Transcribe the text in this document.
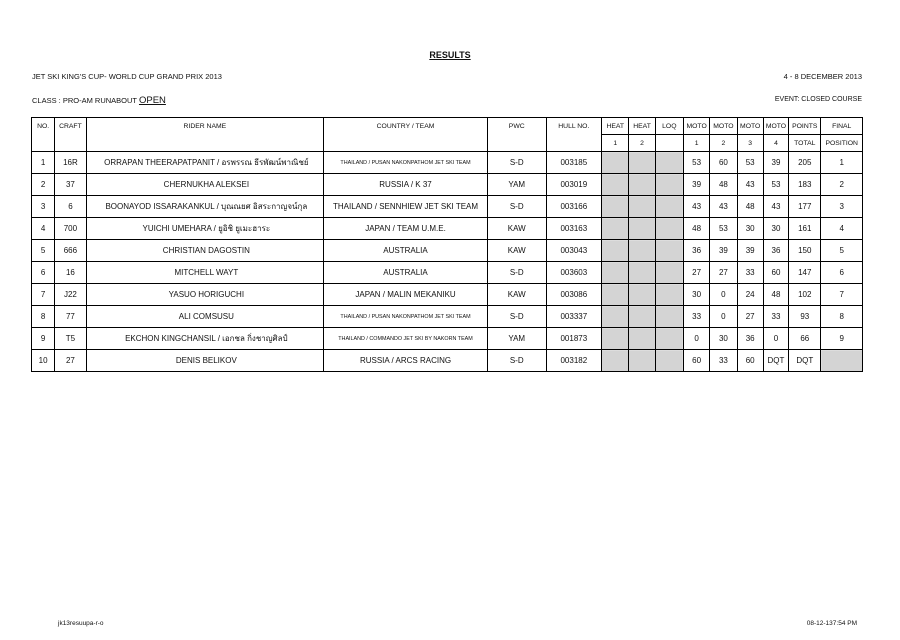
RESULTS
JET SKI KING'S CUP- WORLD CUP GRAND PRIX 2013	4 - 8 DECEMBER 2013
CLASS : PRO-AM RUNABOUT OPEN	EVENT: CLOSED COURSE
NO.	CRAFT	RIDER NAME	COUNTRY / TEAM	PWC	HULL NO.	HEAT	HEAT	LOQ	MOTO	MOTO	MOTO	MOTO	POINTS	FINAL
						1	2		1	2	3	4	TOTAL	POSITION
1	16R	ORRAPAN THEERAPATPANIT / อรพรรณ ธีรพัฒน์พาณิชย์	THAILAND / PUSAN NAKONPATHOM JET SKI TEAM	S-D	003185				53	60	53	39	205	1
2	37	CHERNUKHA ALEKSEI	RUSSIA / K 37	YAM	003019				39	48	43	53	183	2
3	6	BOONAYOD ISSARAKANKUL / บุณณยศ อิสระกาญจน์กุล	THAILAND / SENNHIEW JET SKI TEAM	S-D	003166				43	43	48	43	177	3
4	700	YUICHI UMEHARA / ยูอิชิ ยูเมะฮาระ	JAPAN / TEAM U.M.E.	KAW	003163				48	53	30	30	161	4
5	666	CHRISTIAN DAGOSTIN	AUSTRALIA	KAW	003043				36	39	39	36	150	5
6	16	MITCHELL WAYT	AUSTRALIA	S-D	003603				27	27	33	60	147	6
7	J22	YASUO HORIGUCHI	JAPAN / MALIN MEKANIKU	KAW	003086				30	0	24	48	102	7
8	77	ALI COMSUSU	THAILAND / PUSAN NAKONPATHOM JET SKI TEAM	S-D	003337				33	0	27	33	93	8
9	T5	EKCHON KINGCHANSIL / เอกชล กิ่งชาญศิลป์	THAILAND / COMMANDO JET SKI BY NAKORN TEAM	YAM	001873				0	30	36	0	66	9
10	27	DENIS BELIKOV	RUSSIA / ARCS RACING	S-D	003182				60	33	60	DQT	DQT	
jk13resuupa-r-o	08-12-137:54 PM
